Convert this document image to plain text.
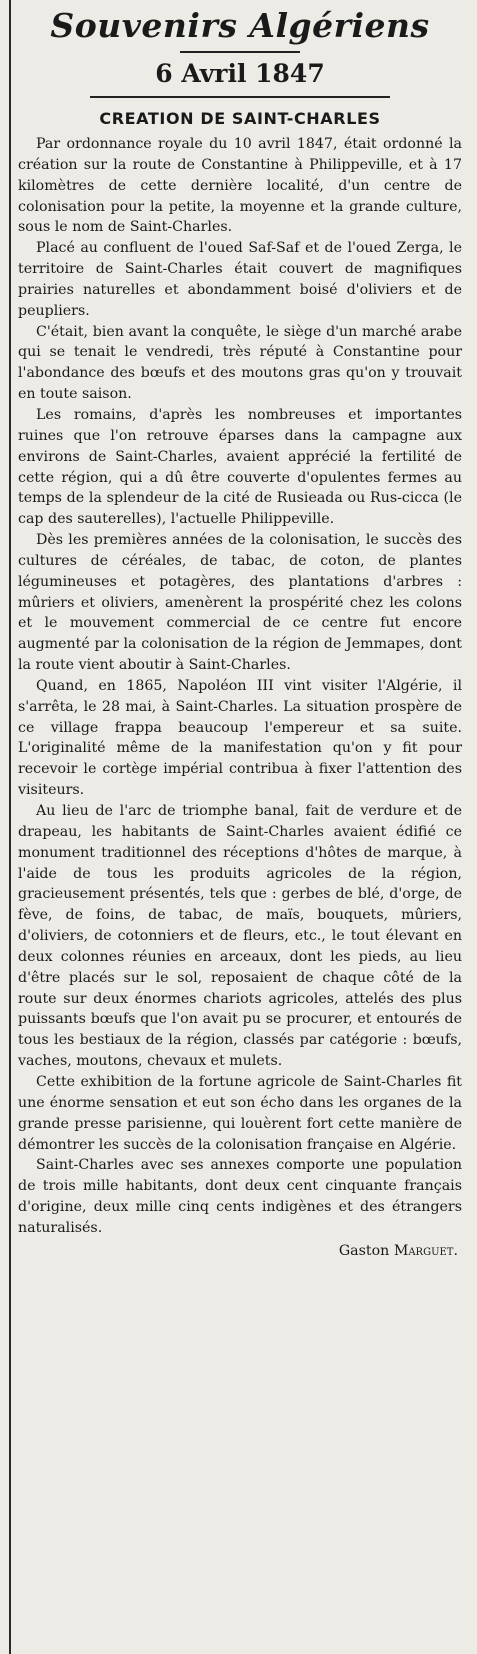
Souvenirs Algériens
6 Avril 1847
CREATION DE SAINT-CHARLES

Par ordonnance royale du 10 avril 1847, était ordonné la création sur la route de Constantine à Philippeville, et à 17 kilomètres de cette dernière localité, d'un centre de colonisation pour la petite, la moyenne et la grande culture, sous le nom de Saint-Charles.

Placé au confluent de l'oued Saf-Saf et de l'oued Zerga, le territoire de Saint-Charles était couvert de magnifiques prairies naturelles et abondamment boisé d'oliviers et de peupliers.

C'était, bien avant la conquête, le siège d'un marché arabe qui se tenait le vendredi, très réputé à Constantine pour l'abondance des bœufs et des moutons gras qu'on y trouvait en toute saison.

Les romains, d'après les nombreuses et importantes ruines que l'on retrouve éparses dans la campagne aux environs de Saint-Charles, avaient apprécié la fertilité de cette région, qui a dû être couverte d'opulentes fermes au temps de la splendeur de la cité de Rusieada ou Rus-cicca (le cap des sauterelles), l'actuelle Philippeville.

Dès les premières années de la colonisation, le succès des cultures de céréales, de tabac, de coton, de plantes légumineuses et potagères, des plantations d'arbres : mûriers et oliviers, amenèrent la prospérité chez les colons et le mouvement commercial de ce centre fut encore augmenté par la colonisation de la région de Jemmapes, dont la route vient aboutir à Saint-Charles.

Quand, en 1865, Napoléon III vint visiter l'Algérie, il s'arrêta, le 28 mai, à Saint-Charles. La situation prospère de ce village frappa beaucoup l'empereur et sa suite. L'originalité même de la manifestation qu'on y fit pour recevoir le cortège impérial contribua à fixer l'attention des visiteurs.

Au lieu de l'arc de triomphe banal, fait de verdure et de drapeau, les habitants de Saint-Charles avaient édifié ce monument traditionnel des réceptions d'hôtes de marque, à l'aide de tous les produits agricoles de la région, gracieusement présentés, tels que : gerbes de blé, d'orge, de fève, de foins, de tabac, de maïs, bouquets, mûriers, d'oliviers, de cotonniers et de fleurs, etc., le tout élevant en deux colonnes réunies en arceaux, dont les pieds, au lieu d'être placés sur le sol, reposaient de chaque côté de la route sur deux énormes chariots agricoles, attelés des plus puissants bœufs que l'on avait pu se procurer, et entourés de tous les bestiaux de la région, classés par catégorie : bœufs, vaches, moutons, chevaux et mulets.

Cette exhibition de la fortune agricole de Saint-Charles fit une énorme sensation et eut son écho dans les organes de la grande presse parisienne, qui louèrent fort cette manière de démontrer les succès de la colonisation française en Algérie.

Saint-Charles avec ses annexes comporte une population de trois mille habitants, dont deux cent cinquante français d'origine, deux mille cinq cents indigènes et des étrangers naturalisés.

Gaston Marguet.
